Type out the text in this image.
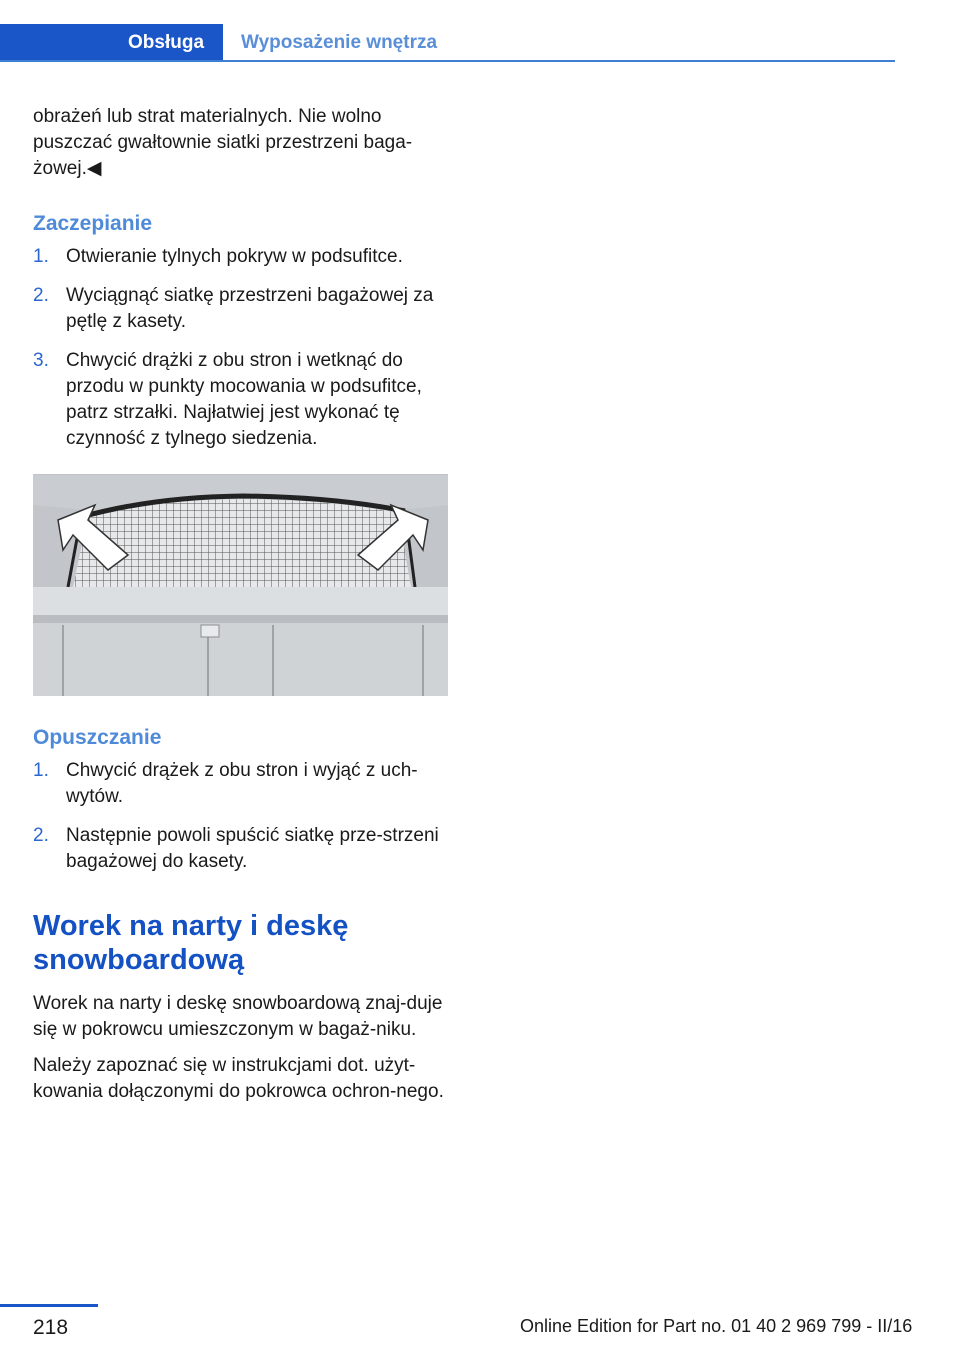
Obsługa	Wyposażenie wnętrza

obrażeń lub strat materialnych. Nie wolno puszczać gwałtownie siatki przestrzeni baga‐żowej.◀

Zaczepianie
1. Otwieranie tylnych pokryw w podsufitce.
2. Wyciągnąć siatkę przestrzeni bagażowej za pętlę z kasety.
3. Chwycić drążki z obu stron i wetknąć do przodu w punkty mocowania w podsufitce, patrz strzałki. Najłatwiej jest wykonać tę czynność z tylnego siedzenia.
Opuszczanie
1. Chwycić drążek z obu stron i wyjąć z uch‐wytów.
2. Następnie powoli spuścić siatkę prze‐strzeni bagażowej do kasety.
Worek na narty i deskę snowboardową

Worek na narty i deskę snowboardową znaj‐duje się w pokrowcu umieszczonym w bagaż‐niku.

Należy zapoznać się w instrukcjami dot. użyt‐kowania dołączonymi do pokrowca ochron‐nego.

218	Online Edition for Part no. 01 40 2 969 799 - II/16
